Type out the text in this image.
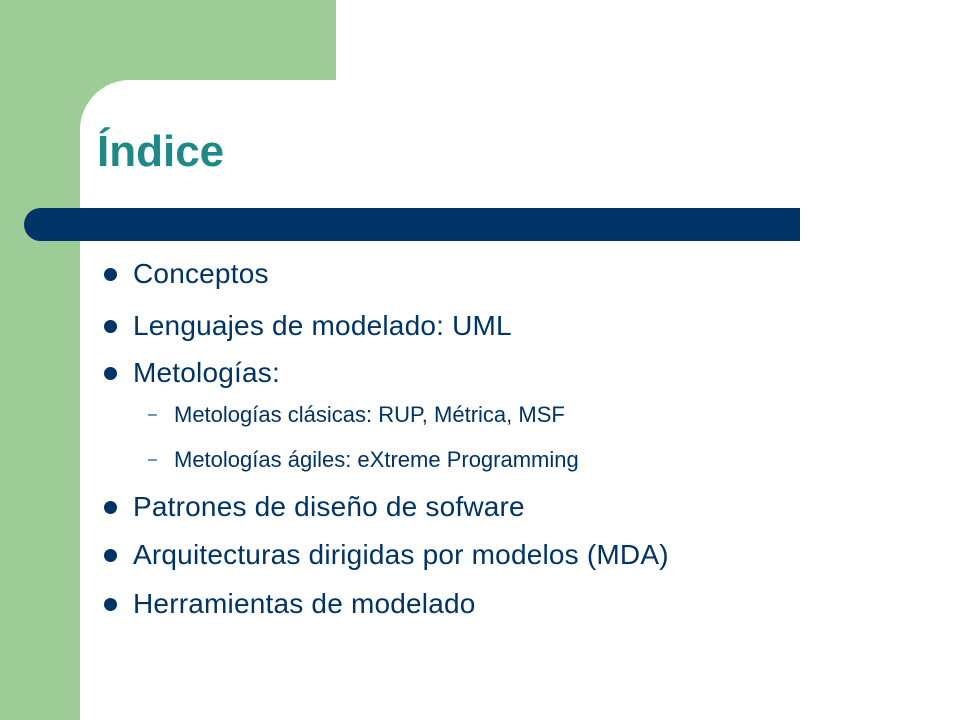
Índice
Conceptos
Lenguajes de modelado: UML
Metologías:
– Metologías clásicas: RUP, Métrica, MSF
– Metologías ágiles: eXtreme Programming
Patrones de diseño de sofware
Arquitecturas dirigidas por modelos (MDA)
Herramientas de modelado
